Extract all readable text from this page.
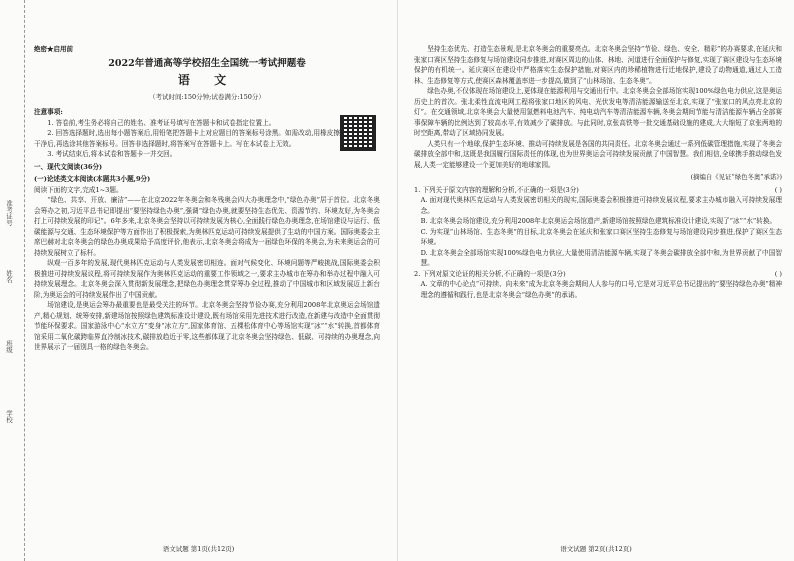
准考证号
姓名
班级
学校
绝密★启用前
2022年普通高等学校招生全国统一考试押题卷
语 文
（考试时间:150分钟;试卷满分:150分）
注意事项:

1. 答卷前,考生务必将自己的姓名、准考证号填写在答题卡和试卷指定位置上。

2. 回答选择题时,选出每小题答案后,用铅笔把答题卡上对应题目的答案标号涂黑。如需改动,用橡皮擦干净后,再选涂其他答案标号。回答非选择题时,将答案写在答题卡上。写在本试卷上无效。

3. 考试结束后,将本试卷和答题卡一并交回。

一、现代文阅读(36分)
(一)论述类文本阅读(本题共3小题,9分)

阅读下面的文字,完成1~3题。

“绿色、共享、开放、廉洁”——在北京2022年冬奥会和冬残奥会四大办奥理念中,“绿色办奥”居于首位。北京冬奥会筹办之初,习近平总书记即提出“要坚持绿色办奥”,强调“绿色办奥,就要坚持生态优先、资源节约、环境友好,为冬奥会打上可持续发展的印记”。6年多来,北京冬奥会坚持以可持续发展为核心,全面践行绿色办奥理念,在场馆建设与运行、低碳能源与交通、生态环境保护等方面作出了积极探索,为奥林匹克运动可持续发展提供了生动的中国方案。国际奥委会主席巴赫对北京冬奥会的绿色办奥成果给予高度评价,他表示,北京冬奥会将成为一届绿色环保的冬奥会,为未来奥运会的可持续发展树立了标杆。

纵观一百多年的发展,现代奥林匹克运动与人类发展密切相连。面对气候变化、环境问题等严峻挑战,国际奥委会积极推进可持续发展议程,将可持续发展作为奥林匹克运动的重要工作领域之一,要求主办城市在筹办和举办过程中融入可持续发展理念。北京冬奥会深入贯彻新发展理念,把绿色办奥理念贯穿筹办全过程,推动了中国城市和区域发展迈上新台阶,为奥运会的可持续发展作出了中国贡献。

场馆建设,是奥运会筹办最重要也是最受关注的环节。北京冬奥会坚持节俭办赛,充分利用2008年北京奥运会场馆遗产,精心规划、统筹安排,新建场馆按照绿色建筑标准设计建设,既有场馆采用先进技术进行改造,在新建与改造中全面贯彻节能环保要求。国家游泳中心“水立方”变身“冰立方”,国家体育馆、五棵松体育中心等场馆实现“冰”“水”转换,首都体育馆采用二氧化碳跨临界直冷制冰技术,碳排放趋近于零,这些都体现了北京冬奥会坚持绿色、低碳、可持续的办奥理念,向世界展示了一届别具一格的绿色冬奥会。

语文试题 第1页(共12页)

坚持生态优先、打造生态景观,是北京冬奥会的重要亮点。北京冬奥会坚持“节俭、绿色、安全、精彩”的办赛要求,在延庆和张家口赛区坚持生态修复与场馆建设同步推进,对赛区周边的山体、林地、河道进行全面保护与修复,实现了赛区建设与生态环境保护的有机统一。延庆赛区在建设中严格落实生态保护措施,对赛区内的珍稀植物进行迁地保护,建设了动物通道,通过人工造林、生态修复等方式,使赛区森林覆盖率进一步提高,做到了“山林场馆、生态冬奥”。

绿色办奥,不仅体现在场馆建设上,更体现在能源利用与交通出行中。北京冬奥会全部场馆实现100%绿色电力供应,这是奥运历史上的首次。张北柔性直流电网工程将张家口地区的风电、光伏发电等清洁能源输送至北京,实现了“张家口的风点亮北京的灯”。在交通领域,北京冬奥会大量使用氢燃料电池汽车、纯电动汽车等清洁能源车辆,冬奥会期间节能与清洁能源车辆占全部赛事保障车辆的比例达到了较高水平,有效减少了碳排放。与此同时,京张高铁等一批交通基础设施的建成,大大缩短了京张两地的时空距离,带动了区域协同发展。

人类只有一个地球,保护生态环境、推动可持续发展是各国的共同责任。北京冬奥会通过一系列低碳管理措施,实现了冬奥会碳排放全部中和,这既是我国履行国际责任的体现,也为世界奥运会可持续发展贡献了中国智慧。我们相信,全球携手推动绿色发展,人类一定能够建设一个更加美好的地球家园。

(摘编自《见证“绿色冬奥”承诺》)

1. 下列关于原文内容的理解和分析,不正确的一项是(3分)	( )

A. 面对现代奥林匹克运动与人类发展密切相关的现实,国际奥委会积极推进可持续发展议程,要求主办城市融入可持续发展理念。

B. 北京冬奥会场馆建设,充分利用2008年北京奥运会场馆遗产,新建场馆按照绿色建筑标准设计建设,实现了“冰”“水”转换。

C. 为实现“山林场馆、生态冬奥”的目标,北京冬奥会在延庆和张家口赛区坚持生态修复与场馆建设同步推进,保护了赛区生态环境。

D. 北京冬奥会全部场馆实现100%绿色电力供应,大量使用清洁能源车辆,实现了冬奥会碳排放全部中和,为世界贡献了中国智慧。

2. 下列对原文论证的相关分析,不正确的一项是(3分)	( )

A. 文章的中心论点“可持续、向未来”成为北京冬奥会期间人人参与的口号,它是对习近平总书记提出的“要坚持绿色办奥”精神理念的遵循和践行,也是北京冬奥会“绿色办奥”的承诺。

语文试题 第2页(共12页)
